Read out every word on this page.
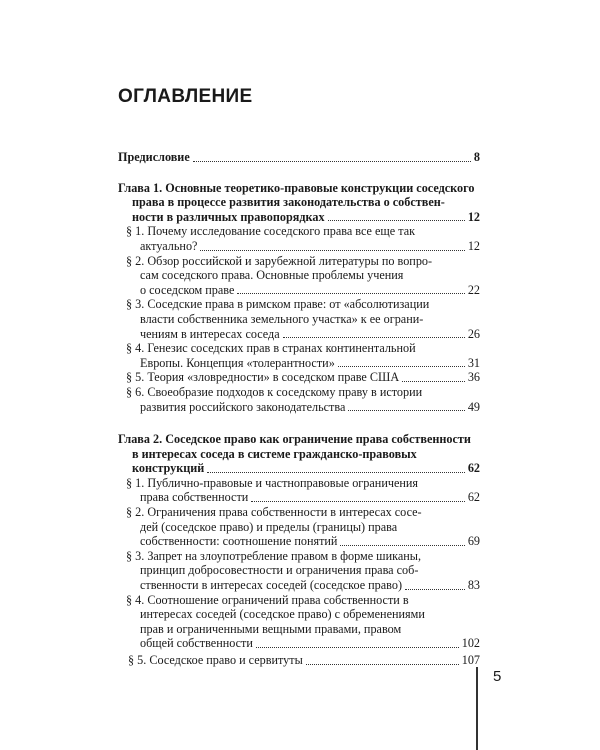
ОГЛАВЛЕНИЕ
Предисловие	8
Глава 1. Основные теоретико-правовые конструкции соседского
права в процессе развития законодательства о собствен-
ности в различных правопорядках	12
§ 1. Почему исследование соседского права все еще так
актуально?	12
§ 2. Обзор российской и зарубежной литературы по вопро-
сам соседского права. Основные проблемы учения
о соседском праве	22
§ 3. Соседские права в римском праве: от «абсолютизации
власти собственника земельного участка» к ее ограни-
чениям в интересах соседа	26
§ 4. Генезис соседских прав в странах континентальной
Европы. Концепция «толерантности»	31
§ 5. Теория «зловредности» в соседском праве США	36
§ 6. Своеобразие подходов к соседскому праву в истории
развития российского законодательства	49
Глава 2. Соседское право как ограничение права собственности
в интересах соседа в системе гражданско-правовых
конструкций	62
§ 1. Публично-правовые и частноправовые ограничения
права собственности	62
§ 2. Ограничения права собственности в интересах сосе-
дей (соседское право) и пределы (границы) права
собственности: соотношение понятий	69
§ 3. Запрет на злоупотребление правом в форме шиканы,
принцип добросовестности и ограничения права соб-
ственности в интересах соседей (соседское право)	83
§ 4. Соотношение ограничений права собственности в
интересах соседей (соседское право) с обременениями
прав и ограниченными вещными правами, правом
общей собственности	102
§ 5. Соседское право и сервитуты	107
5
